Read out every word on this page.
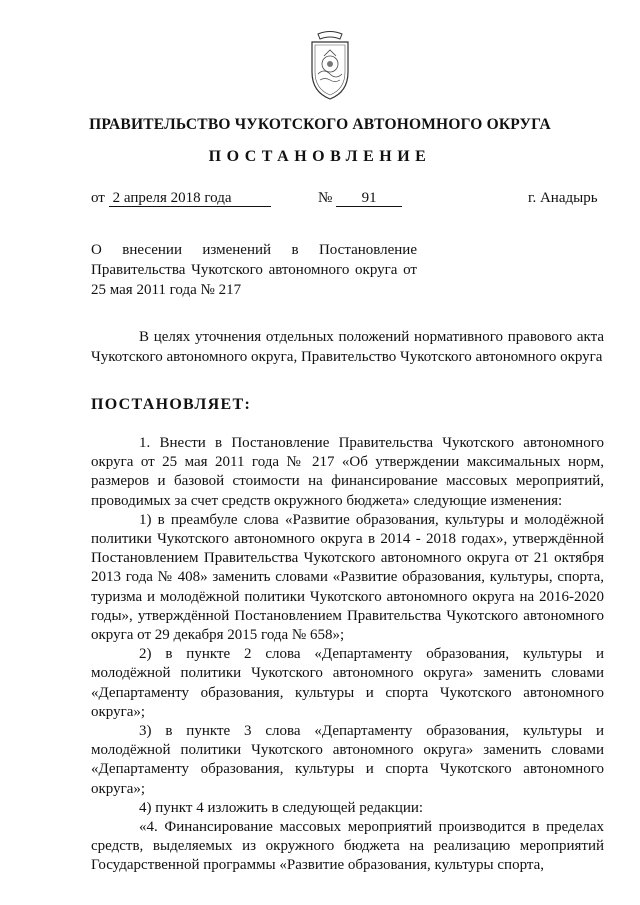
ПРАВИТЕЛЬСТВО ЧУКОТСКОГО АВТОНОМНОГО ОКРУГА
ПОСТАНОВЛЕНИЕ
от 2 апреля 2018 года	№ 91	г. Анадырь
О внесении изменений в Постановление Правительства Чукотского автономного округа от 25 мая 2011 года № 217
В целях уточнения отдельных положений нормативного правового акта Чукотского автономного округа, Правительство Чукотского автономного округа
ПОСТАНОВЛЯЕТ:

1. Внести в Постановление Правительства Чукотского автономного округа от 25 мая 2011 года № 217 «Об утверждении максимальных норм, размеров и базовой стоимости на финансирование массовых мероприятий, проводимых за счет средств окружного бюджета» следующие изменения:

1) в преамбуле слова «Развитие образования, культуры и молодёжной политики Чукотского автономного округа в 2014 - 2018 годах», утверждённой Постановлением Правительства Чукотского автономного округа от 21 октября 2013 года № 408» заменить словами «Развитие образования, культуры, спорта, туризма и молодёжной политики Чукотского автономного округа на 2016-2020 годы», утверждённой Постановлением Правительства Чукотского автономного округа от 29 декабря 2015 года № 658»;

2) в пункте 2 слова «Департаменту образования, культуры и молодёжной политики Чукотского автономного округа» заменить словами «Департаменту образования, культуры и спорта Чукотского автономного округа»;

3) в пункте 3 слова «Департаменту образования, культуры и молодёжной политики Чукотского автономного округа» заменить словами «Департаменту образования, культуры и спорта Чукотского автономного округа»;

4) пункт 4 изложить в следующей редакции:

«4. Финансирование массовых мероприятий производится в пределах средств, выделяемых из окружного бюджета на реализацию мероприятий Государственной программы «Развитие образования, культуры спорта,
